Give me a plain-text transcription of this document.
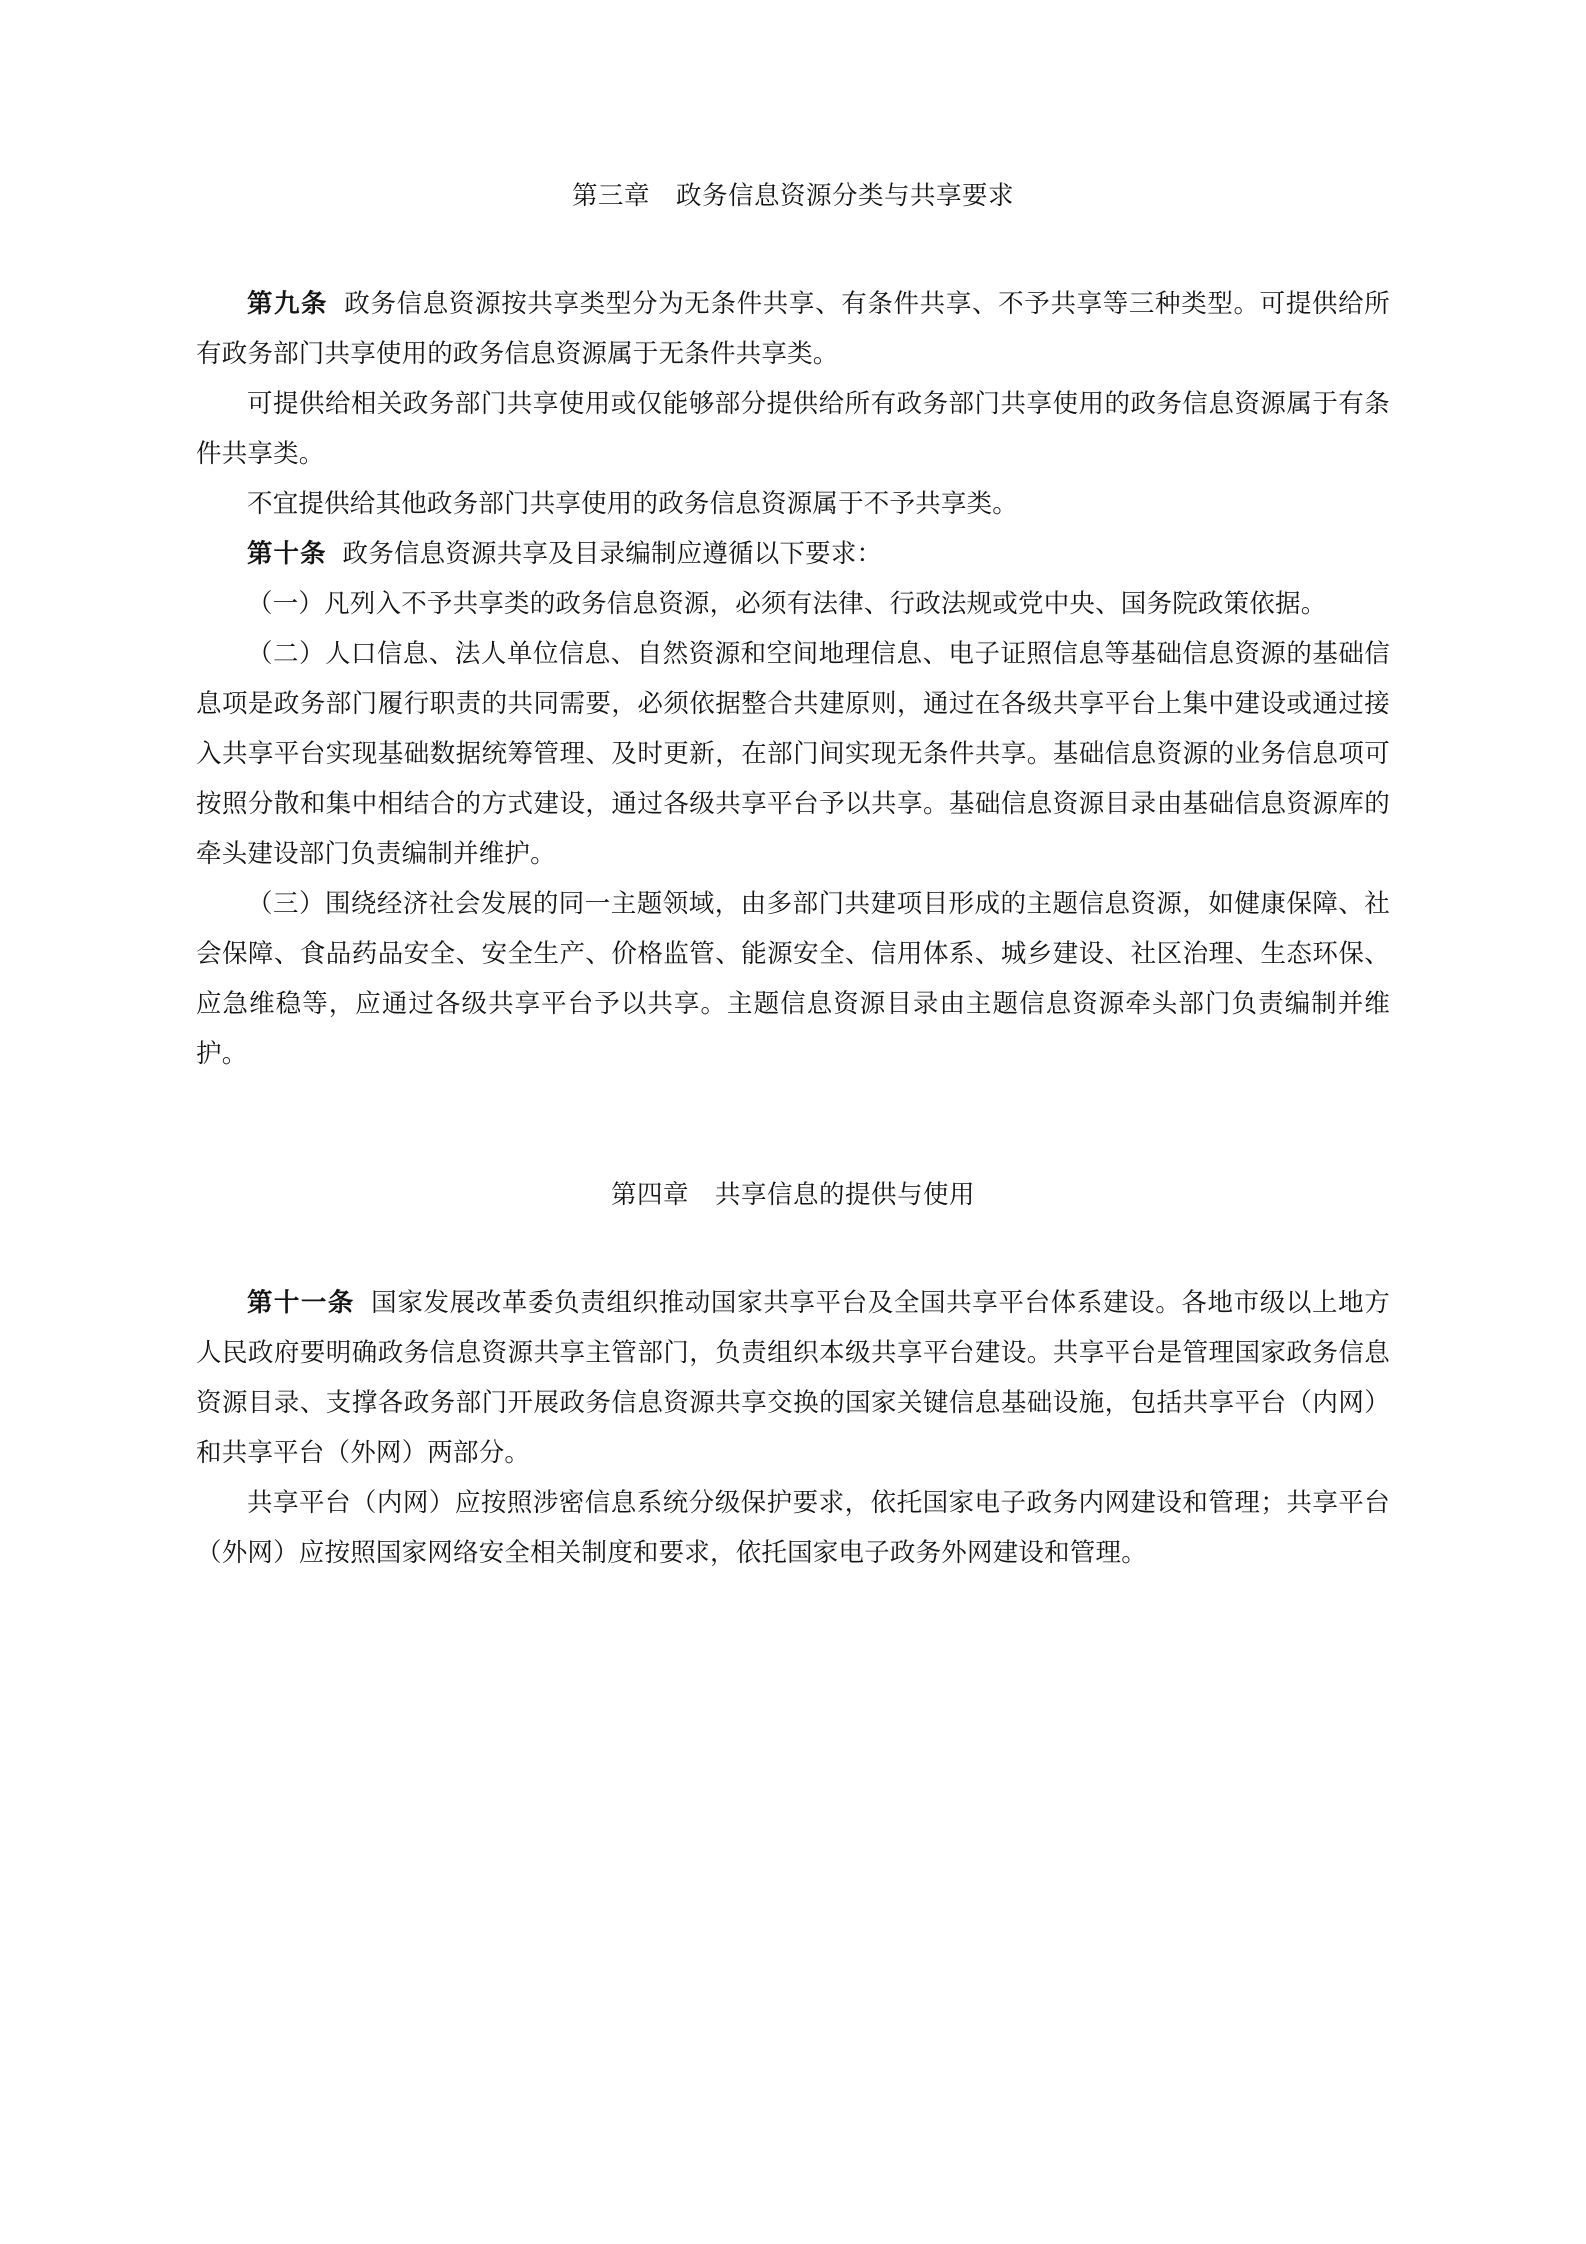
第三章 政务信息资源分类与共享要求

第九条 政务信息资源按共享类型分为无条件共享、有条件共享、不予共享等三种类型。可提供给所有政务部门共享使用的政务信息资源属于无条件共享类。

可提供给相关政务部门共享使用或仅能够部分提供给所有政务部门共享使用的政务信息资源属于有条件共享类。

不宜提供给其他政务部门共享使用的政务信息资源属于不予共享类。

第十条 政务信息资源共享及目录编制应遵循以下要求：

（一）凡列入不予共享类的政务信息资源，必须有法律、行政法规或党中央、国务院政策依据。

（二）人口信息、法人单位信息、自然资源和空间地理信息、电子证照信息等基础信息资源的基础信息项是政务部门履行职责的共同需要，必须依据整合共建原则，通过在各级共享平台上集中建设或通过接入共享平台实现基础数据统筹管理、及时更新，在部门间实现无条件共享。基础信息资源的业务信息项可按照分散和集中相结合的方式建设，通过各级共享平台予以共享。基础信息资源目录由基础信息资源库的牵头建设部门负责编制并维护。

（三）围绕经济社会发展的同一主题领域，由多部门共建项目形成的主题信息资源，如健康保障、社会保障、食品药品安全、安全生产、价格监管、能源安全、信用体系、城乡建设、社区治理、生态环保、应急维稳等，应通过各级共享平台予以共享。主题信息资源目录由主题信息资源牵头部门负责编制并维护。

第四章 共享信息的提供与使用

第十一条 国家发展改革委负责组织推动国家共享平台及全国共享平台体系建设。各地市级以上地方人民政府要明确政务信息资源共享主管部门，负责组织本级共享平台建设。共享平台是管理国家政务信息资源目录、支撑各政务部门开展政务信息资源共享交换的国家关键信息基础设施，包括共享平台（内网）和共享平台（外网）两部分。

共享平台（内网）应按照涉密信息系统分级保护要求，依托国家电子政务内网建设和管理；共享平台（外网）应按照国家网络安全相关制度和要求，依托国家电子政务外网建设和管理。
